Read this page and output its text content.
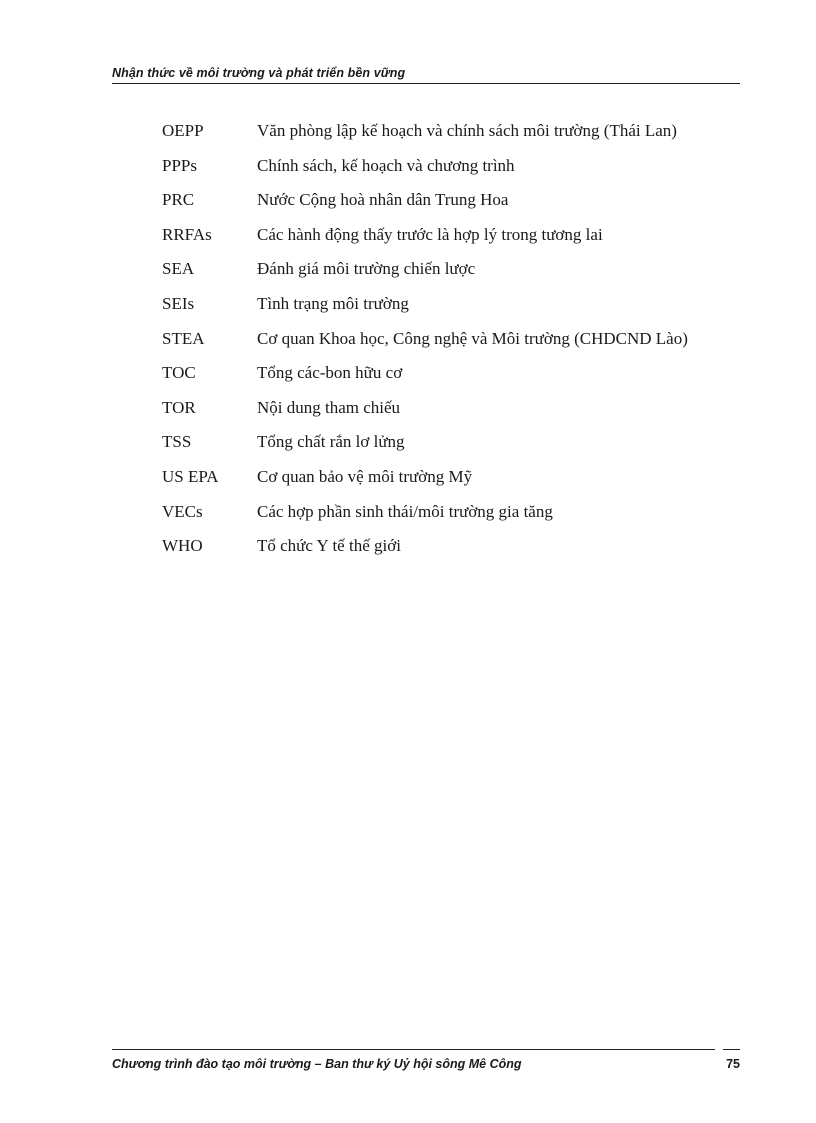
Nhận thức về môi trường và phát triển bền vững
OEPP	Văn phòng lập kế hoạch và chính sách môi trường (Thái Lan)
PPPs	Chính sách, kế hoạch và chương trình
PRC	Nước Cộng hoà nhân dân Trung Hoa
RRFAs	Các hành động thấy trước là hợp lý trong tương lai
SEA	Đánh giá môi trường chiến lược
SEIs	Tình trạng môi trường
STEA	Cơ quan Khoa học, Công nghệ và Môi trường (CHDCND Lào)
TOC	Tổng các-bon hữu cơ
TOR	Nội dung tham chiếu
TSS	Tổng chất rắn lơ lửng
US EPA	Cơ quan bảo vệ môi trường Mỹ
VECs	Các hợp phần sinh thái/môi trường gia tăng
WHO	Tổ chức Y tế thế giới
Chương trình đào tạo môi trường – Ban thư ký Uỷ hội sông Mê Công	75
